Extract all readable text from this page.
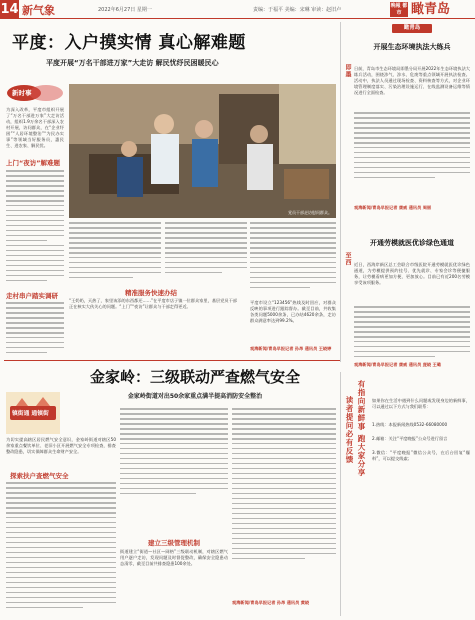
14 新气象	2022年6月27日 星期一	责编：于福平 美编：宋琳 审读：赵旧卢
晚報 都市 瞰青岛
平度：入户摸实情 真心解难题
平度开展“万名干部进万家”大走访 解民忧纾民困暖民心
新时事
为深入改革，平度市组织开展了“万名干部进万家”大走访活动，组织1.9万余名干部深入农村开展，访问群众，在“企业纾困”“人居环境整治”“为民办实事”等领域当好服务员，惠民生、进农家、解民忧。
上门“夜访”解难题
走村串户踏实调研
党员干部走访慰问群众。
精准服务快速办结
“王奶奶，天热了，家里该添的东西都还……”在平度市店子镇一位群众家里，基层党员干部正在核实大伙关心的问题。“上门”“夜访”让群众与干部走得更近。
平度市设立“123456”热线及时回应，对群众反映的事项进行跟踪督办。截至目前，共收集各类问题5000余条，已办结4620余条，走访群众满意率达到99.2%。
观海新闻/青岛早报记者 孙昂 通讯员 王晓婷
瞰青岛
即墨
开展生态环境执法大练兵
日前，青岛市生态环境局即墨分局开展2022年生态环境执法大练兵活动，围绕涉气、涉水、危废等重点领域开展执法检查。活动中，执法人员通过现场检查、资料核查等方式，对企业环境管理制度落实、污染治理设施运行、在线监测设备运维等情况进行全面检查。
观海新闻/青岛早报记者 康威 通讯员 周丽
至西
开通劳模就医优诊绿色通道
近日，西海岸新区总工会联合市级医院开通劳模就医优诊绿色通道，为劳模提供预约挂号、优先就诊、专家会诊等便捷服务，让劳模看病更加方便、更加放心。目前已有近200名劳模享受该项服务。
观海新闻/青岛早报记者 康威 通讯员 庞晓 王璐
金家岭：三级联动严查燃气安全
金家岭街道对出50余家重点满半提高消防安全整治
镇街通 通镇街
为切实提高辖区居民燃气安全意识，金家岭街道对辖区50余家重点餐饮单位、老旧小区开展燃气安全专项检查，排查整改隐患，切实保障群众生命财产安全。
探索扶户查燃气安全
建立三级管理机制
街道建立“街道—社区—网格”三级联动机制，对辖区燃气用户逐户走访，发现问题及时督促整改，确保安全隐患动态清零，截至目前共排查隐患100余处。
观海新闻/青岛早报记者 孙昂 通讯员 黄晓
读者提问必有反馈 有指向新鲜事 跑大家分享 如果你在生活中遇到什么问题或发现身边的新鲜事，可以通过以下方式与我们联系：
1.热线：本报新闻热线0532-66080000
2.邮箱：关注“平度晚报”公众号进行留言
3.微信：“平度晚报”微信公众号，在后台回复“爆料”，可以提交线索；
